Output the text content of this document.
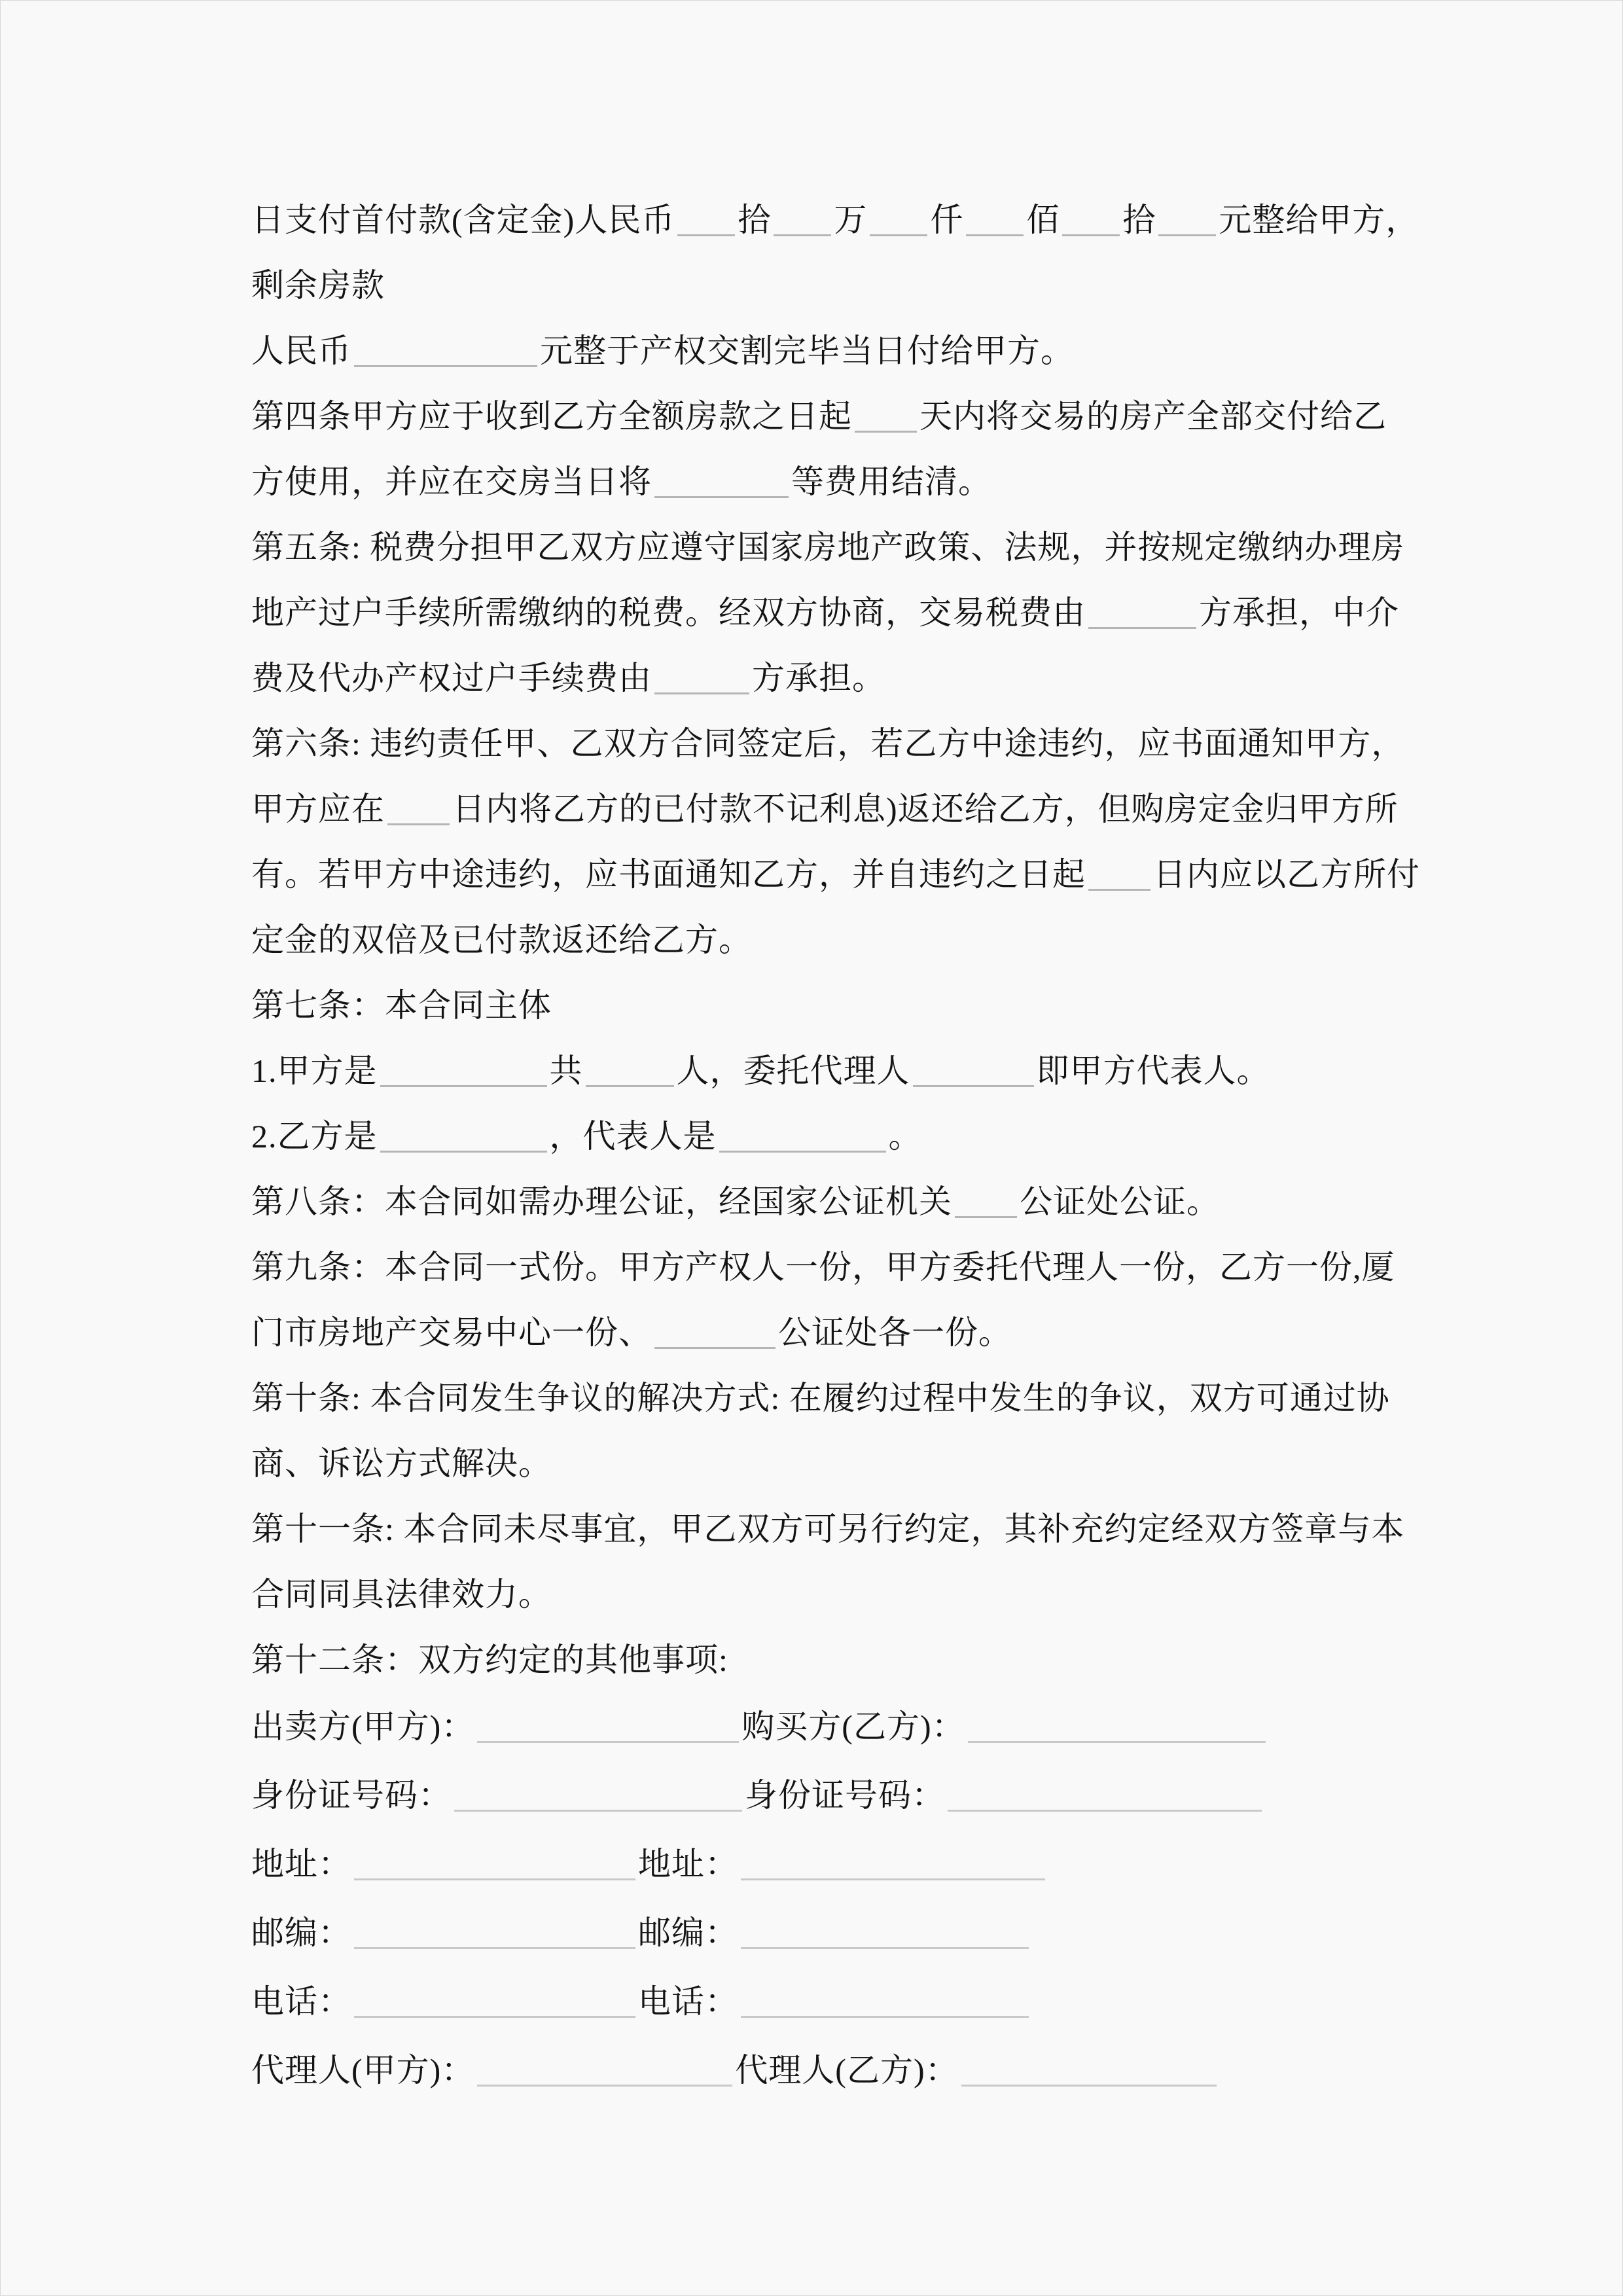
日支付首付款(含定金)人民币 拾 万 仟 佰 拾 元整给甲方，
剩余房款
人民币	元整于产权交割完毕当日付给甲方。
第四条甲方应于收到乙方全额房款之日起 天内将交易的房产全部交付给乙
方使用，并应在交房当日将	等费用结清。
第五条: 税费分担甲乙双方应遵守国家房地产政策、法规，并按规定缴纳办理房
地产过户手续所需缴纳的税费。经双方协商，交易税费由	方承担，中介
费及代办产权过户手续费由	方承担。
第六条: 违约责任甲、乙双方合同签定后，若乙方中途违约，应书面通知甲方，
甲方应在 日内将乙方的已付款不记利息)返还给乙方，但购房定金归甲方所
有。若甲方中途违约，应书面通知乙方，并自违约之日起 日内应以乙方所付
定金的双倍及已付款返还给乙方。
第七条：本合同主体
1.甲方是	共	人，委托代理人	即甲方代表人。
2.乙方是	，代表人是	。
第八条：本合同如需办理公证，经国家公证机关 公证处公证。
第九条：本合同一式份。甲方产权人一份，甲方委托代理人一份，乙方一份,厦
门市房地产交易中心一份、	公证处各一份。
第十条: 本合同发生争议的解决方式: 在履约过程中发生的争议，双方可通过协
商、诉讼方式解决。
第十一条: 本合同未尽事宜，甲乙双方可另行约定，其补充约定经双方签章与本
合同同具法律效力。
第十二条：双方约定的其他事项:
出卖方(甲方)：	购买方(乙方)：
身份证号码：	身份证号码：
地址：	地址：
邮编：	邮编：
电话：	电话：
代理人(甲方)：	代理人(乙方)：
